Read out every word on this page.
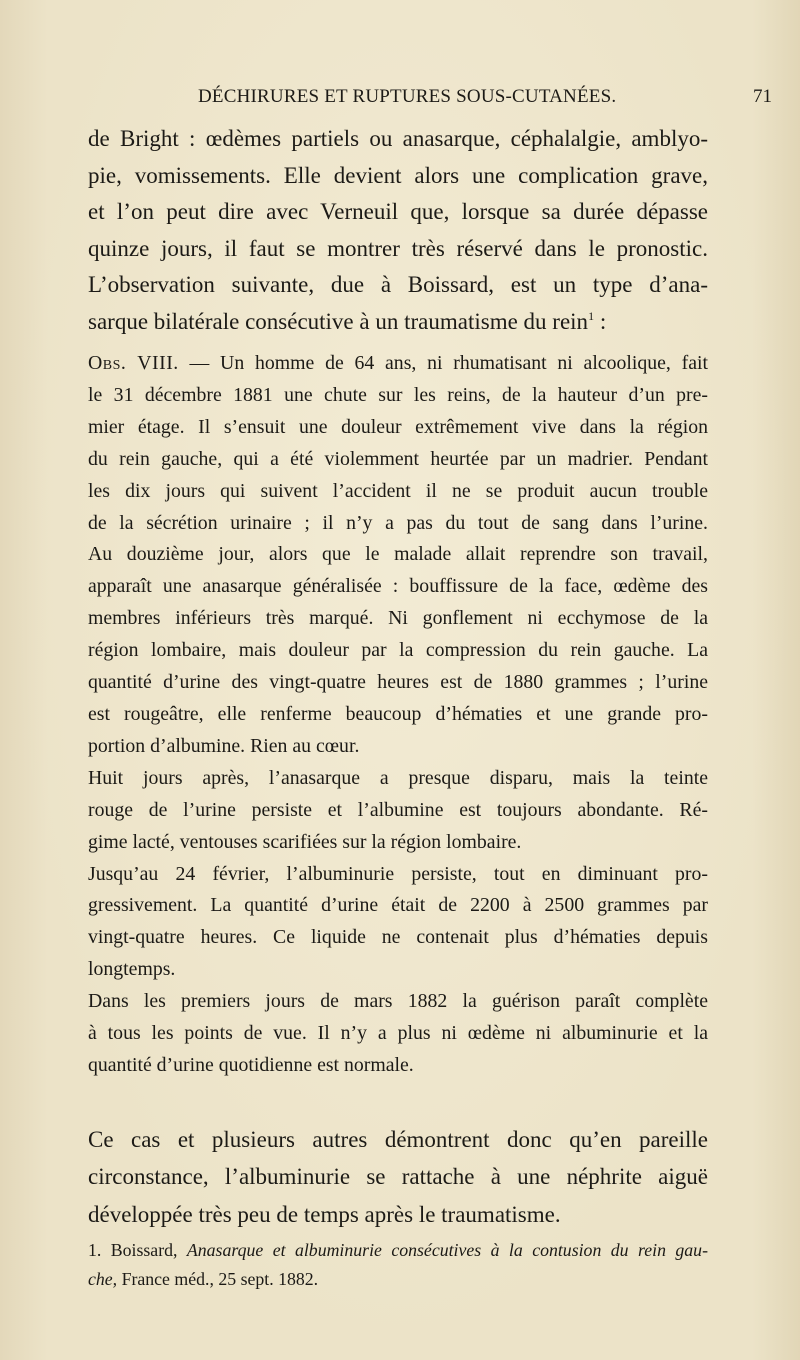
DÉCHIRURES ET RUPTURES SOUS-CUTANÉES.	71
de Bright : œdèmes partiels ou anasarque, céphalalgie, amblyo-
pie, vomissements. Elle devient alors une complication grave,
et l’on peut dire avec Verneuil que, lorsque sa durée dépasse
quinze jours, il faut se montrer très réservé dans le pronostic.
L’observation suivante, due à Boissard, est un type d’ana-
sarque bilatérale consécutive à un traumatisme du rein$^1$ :
Obs. VIII. — Un homme de 64 ans, ni rhumatisant ni alcoolique, fait
le 31 décembre 1881 une chute sur les reins, de la hauteur d’un pre-
mier étage. Il s’ensuit une douleur extrêmement vive dans la région
du rein gauche, qui a été violemment heurtée par un madrier. Pendant
les dix jours qui suivent l’accident il ne se produit aucun trouble
de la sécrétion urinaire ; il n’y a pas du tout de sang dans l’urine.
Au douzième jour, alors que le malade allait reprendre son travail,
apparaît une anasarque généralisée : bouffissure de la face, œdème des
membres inférieurs très marqué. Ni gonflement ni ecchymose de la
région lombaire, mais douleur par la compression du rein gauche. La
quantité d’urine des vingt-quatre heures est de 1880 grammes ; l’urine
est rougeâtre, elle renferme beaucoup d’hématies et une grande pro-
portion d’albumine. Rien au cœur.
Huit jours après, l’anasarque a presque disparu, mais la teinte
rouge de l’urine persiste et l’albumine est toujours abondante. Ré-
gime lacté, ventouses scarifiées sur la région lombaire.
Jusqu’au 24 février, l’albuminurie persiste, tout en diminuant pro-
gressivement. La quantité d’urine était de 2200 à 2500 grammes par
vingt-quatre heures. Ce liquide ne contenait plus d’hématies depuis
longtemps.
Dans les premiers jours de mars 1882 la guérison paraît complète
à tous les points de vue. Il n’y a plus ni œdème ni albuminurie et la
quantité d’urine quotidienne est normale.
Ce cas et plusieurs autres démontrent donc qu’en pareille
circonstance, l’albuminurie se rattache à une néphrite aiguë
développée très peu de temps après le traumatisme.
1. Boissard, Anasarque et albuminurie consécutives à la contusion du rein gau-
che, France méd., 25 sept. 1882.
